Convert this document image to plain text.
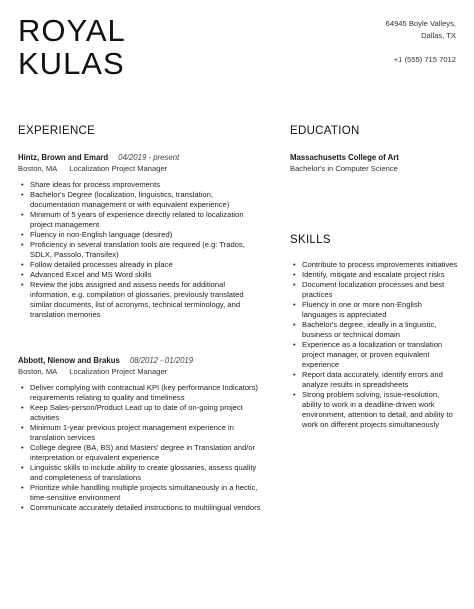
ROYAL
KULAS
64945 Boyle Valleys,
Dallas, TX
+1 (555) 715 7012
EXPERIENCE
Hintz, Brown and Emard 04/2019 - present
Boston, MA Localization Project Manager
• Share ideas for process improvements
• Bachelor's Degree (localization, linguistics, translation, documentation management or with equivalent experience)
• Minimum of 5 years of experience directly related to localization project management
• Fluency in non-English language (desired)
• Proficiency in several translation tools are required (e.g: Trados, SDLX, Passolo, Transifex)
• Follow detailed processes already in place
• Advanced Excel and MS Word skills
• Review the jobs assigned and assess needs for additional information, e.g. compilation of glossaries, previously translated similar documents, list of acronyms, technical terminology, and translation memories
Abbott, Nienow and Brakus 08/2012 - 01/2019
Boston, MA Localization Project Manager
• Deliver complying with contractual KPI (key performance Indicators) requirements relating to quality and timeliness
• Keep Sales-person/Product Lead up to date of on-going project activities
• Minimum 1-year previous project management experience in translation services
• College degree (BA, BS) and Masters' degree in Translation and/or interpretation or equivalent experience
• Linguistic skills to include ability to create glossaries, assess quality and completeness of translations
• Prioritize while handling multiple projects simultaneously in a hectic, time-sensitive environment
• Communicate accurately detailed instructions to multilingual vendors
EDUCATION
Massachusetts College of Art
Bachelor's in Computer Science
SKILLS
• Contribute to process improvements initiatives
• Identify, mitigate and escalate project risks
• Document localization processes and best practices
• Fluency in one or more non-English languages is appreciated
• Bachelor's degree, ideally in a linguistic, business or technical domain
• Experience as a localization or translation project manager, or proven equivalent experience
• Report data accurately, identify errors and analyze results in spreadsheets
• Strong problem solving, issue-resolution, ability to work in a deadline-driven work environment, attention to detail, and ability to work on different projects simultaneously
